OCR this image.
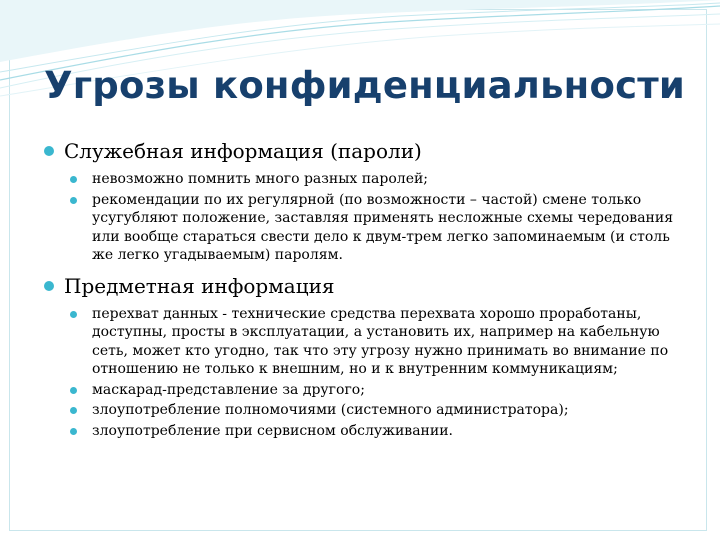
Угрозы конфиденциальности
Служебная информация (пароли)
невозможно помнить много разных паролей;
рекомендации по их регулярной (по возможности – частой) смене только усугубляют положение, заставляя применять несложные схемы чередования или вообще стараться свести дело к двум-трем легко запоминаемым (и столь же легко угадываемым) паролям.
Предметная информация
перехват данных - технические средства перехвата хорошо проработаны, доступны, просты в эксплуатации, а установить их, например на кабельную сеть, может кто угодно, так что эту угрозу нужно принимать во внимание по отношению не только к внешним, но и к внутренним коммуникациям;
маскарад-представление за другого;
злоупотребление полномочиями (системного администратора);
злоупотребление при сервисном обслуживании.
